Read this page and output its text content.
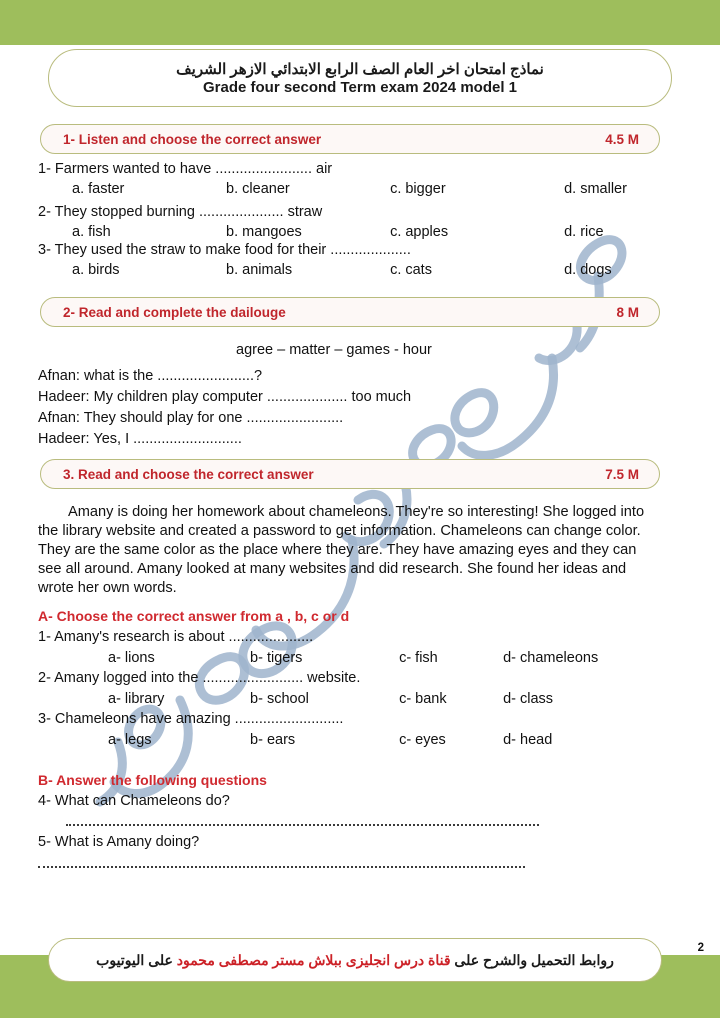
نماذج امتحان اخر العام الصف الرابع الابتدائي الازهر الشريف
Grade four second Term exam 2024 model 1
1- Listen and choose the correct answer	4.5 M
1- Farmers wanted to have ........................ air
a. faster	b. cleaner	c. bigger	d. smaller
2- They stopped burning ..................... straw
a. fish	b. mangoes	c. apples	d. rice
3- They used the straw to make food for their ....................
a. birds	b. animals	c. cats	d. dogs
2- Read and complete the dailouge	8 M
agree – matter – games - hour
Afnan: what is the ........................?
Hadeer: My children play computer .................... too much
Afnan: They should play for one ........................
Hadeer: Yes, I ...........................
3. Read and choose the correct answer	7.5 M
Amany is doing her homework about chameleons. They're so interesting! She logged into the library website and created a password to get information. Chameleons can change color. They are the same color as the place where they are. They have amazing eyes and they can see all around. Amany looked at many websites and did research. She found her ideas and wrote her own words.
A- Choose the correct answer from a , b, c or d
1- Amany's research is about .....................
a- lions	b- tigers	c- fish	d- chameleons
2- Amany logged into the ......................... website.
a- library	b- school	c- bank	d- class
3- Chameleons have amazing ...........................
a- legs	b- ears	c- eyes	d- head
B- Answer the following questions
4- What can Chameleons do?
5- What is Amany doing?
روابط التحميل والشرح على قناة درس انجليزى ببلاش مستر مصطفى محمود على اليوتيوب
2
